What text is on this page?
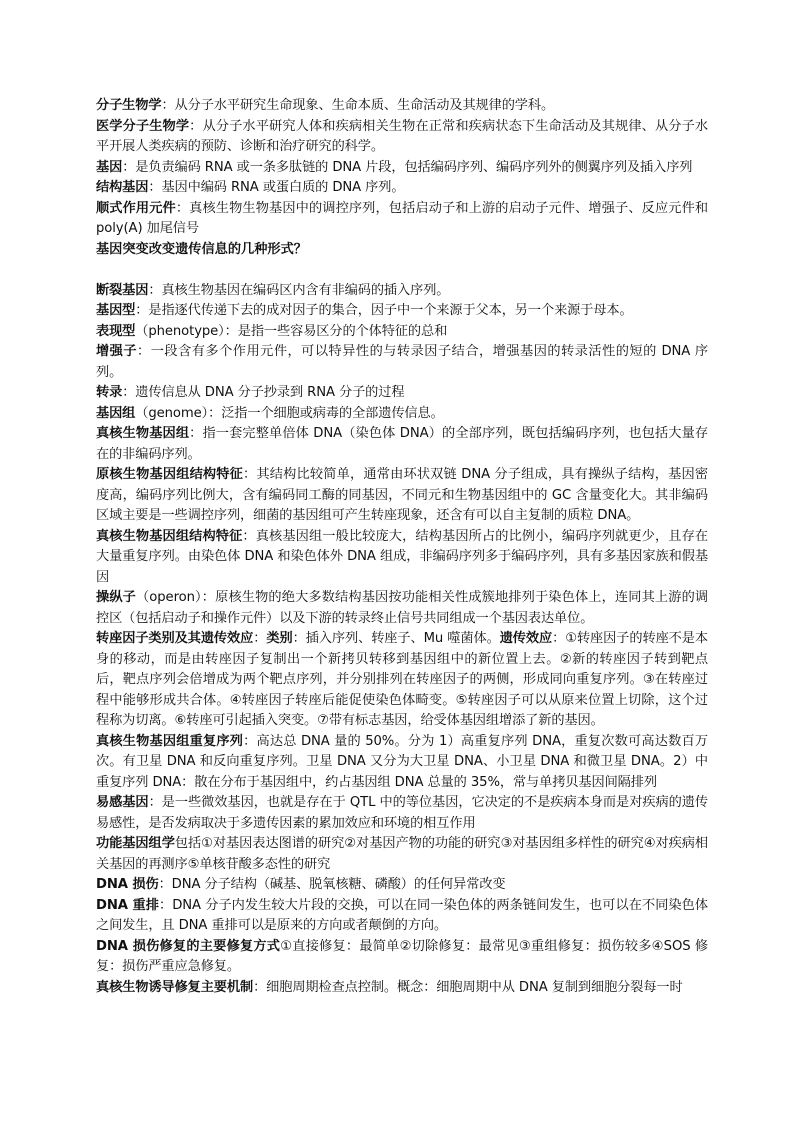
分子生物学：从分子水平研究生命现象、生命本质、生命活动及其规律的学科。

医学分子生物学：从分子水平研究人体和疾病相关生物在正常和疾病状态下生命活动及其规律、从分子水平开展人类疾病的预防、诊断和治疗研究的科学。

基因：是负责编码 RNA 或一条多肽链的 DNA 片段，包括编码序列、编码序列外的侧翼序列及插入序列

结构基因：基因中编码 RNA 或蛋白质的 DNA 序列。

顺式作用元件：真核生物生物基因中的调控序列，包括启动子和上游的启动子元件、增强子、反应元件和 poly(A) 加尾信号

基因突变改变遗传信息的几种形式？

断裂基因：真核生物基因在编码区内含有非编码的插入序列。

基因型：是指逐代传递下去的成对因子的集合，因子中一个来源于父本，另一个来源于母本。

表现型（phenotype）：是指一些容易区分的个体特征的总和

增强子：一段含有多个作用元件，可以特异性的与转录因子结合，增强基因的转录活性的短的 DNA 序列。

转录：遗传信息从 DNA 分子抄录到 RNA 分子的过程

基因组（genome）：泛指一个细胞或病毒的全部遗传信息。

真核生物基因组：指一套完整单倍体 DNA（染色体 DNA）的全部序列，既包括编码序列，也包括大量存在的非编码序列。

原核生物基因组结构特征：其结构比较简单，通常由环状双链 DNA 分子组成，具有操纵子结构，基因密度高，编码序列比例大，含有编码同工酶的同基因，不同元和生物基因组中的 GC 含量变化大。其非编码区域主要是一些调控序列，细菌的基因组可产生转座现象，还含有可以自主复制的质粒 DNA。

真核生物基因组结构特征：真核基因组一般比较庞大，结构基因所占的比例小，编码序列就更少，且存在大量重复序列。由染色体 DNA 和染色体外 DNA 组成，非编码序列多于编码序列，具有多基因家族和假基因

操纵子（operon）：原核生物的绝大多数结构基因按功能相关性成簇地排列于染色体上，连同其上游的调控区（包括启动子和操作元件）以及下游的转录终止信号共同组成一个基因表达单位。

转座因子类别及其遗传效应：类别：插入序列、转座子、Mu 噬菌体。遗传效应：①转座因子的转座不是本身的移动，而是由转座因子复制出一个新拷贝转移到基因组中的新位置上去。②新的转座因子转到靶点后，靶点序列会倍增成为两个靶点序列，并分别排列在转座因子的两侧，形成同向重复序列。③在转座过程中能够形成共合体。④转座因子转座后能促使染色体畸变。⑤转座因子可以从原来位置上切除，这个过程称为切离。⑥转座可引起插入突变。⑦带有标志基因，给受体基因组增添了新的基因。

真核生物基因组重复序列：高达总 DNA 量的 50%。分为 1）高重复序列 DNA，重复次数可高达数百万次。有卫星 DNA 和反向重复序列。卫星 DNA 又分为大卫星 DNA、小卫星 DNA 和微卫星 DNA。2）中重复序列 DNA：散在分布于基因组中，约占基因组 DNA 总量的 35%，常与单拷贝基因间隔排列

易感基因：是一些微效基因，也就是存在于 QTL 中的等位基因，它决定的不是疾病本身而是对疾病的遗传易感性，是否发病取决于多遗传因素的累加效应和环境的相互作用

功能基因组学包括①对基因表达图谱的研究②对基因产物的功能的研究③对基因组多样性的研究④对疾病相关基因的再测序⑤单核苷酸多态性的研究

DNA 损伤：DNA 分子结构（碱基、脱氧核糖、磷酸）的任何异常改变

DNA 重排：DNA 分子内发生较大片段的交换，可以在同一染色体的两条链间发生，也可以在不同染色体之间发生，且 DNA 重排可以是原来的方向或者颠倒的方向。

DNA 损伤修复的主要修复方式①直接修复：最简单②切除修复：最常见③重组修复：损伤较多④SOS 修复：损伤严重应急修复。

真核生物诱导修复主要机制：细胞周期检查点控制。概念：细胞周期中从 DNA 复制到细胞分裂每一时
